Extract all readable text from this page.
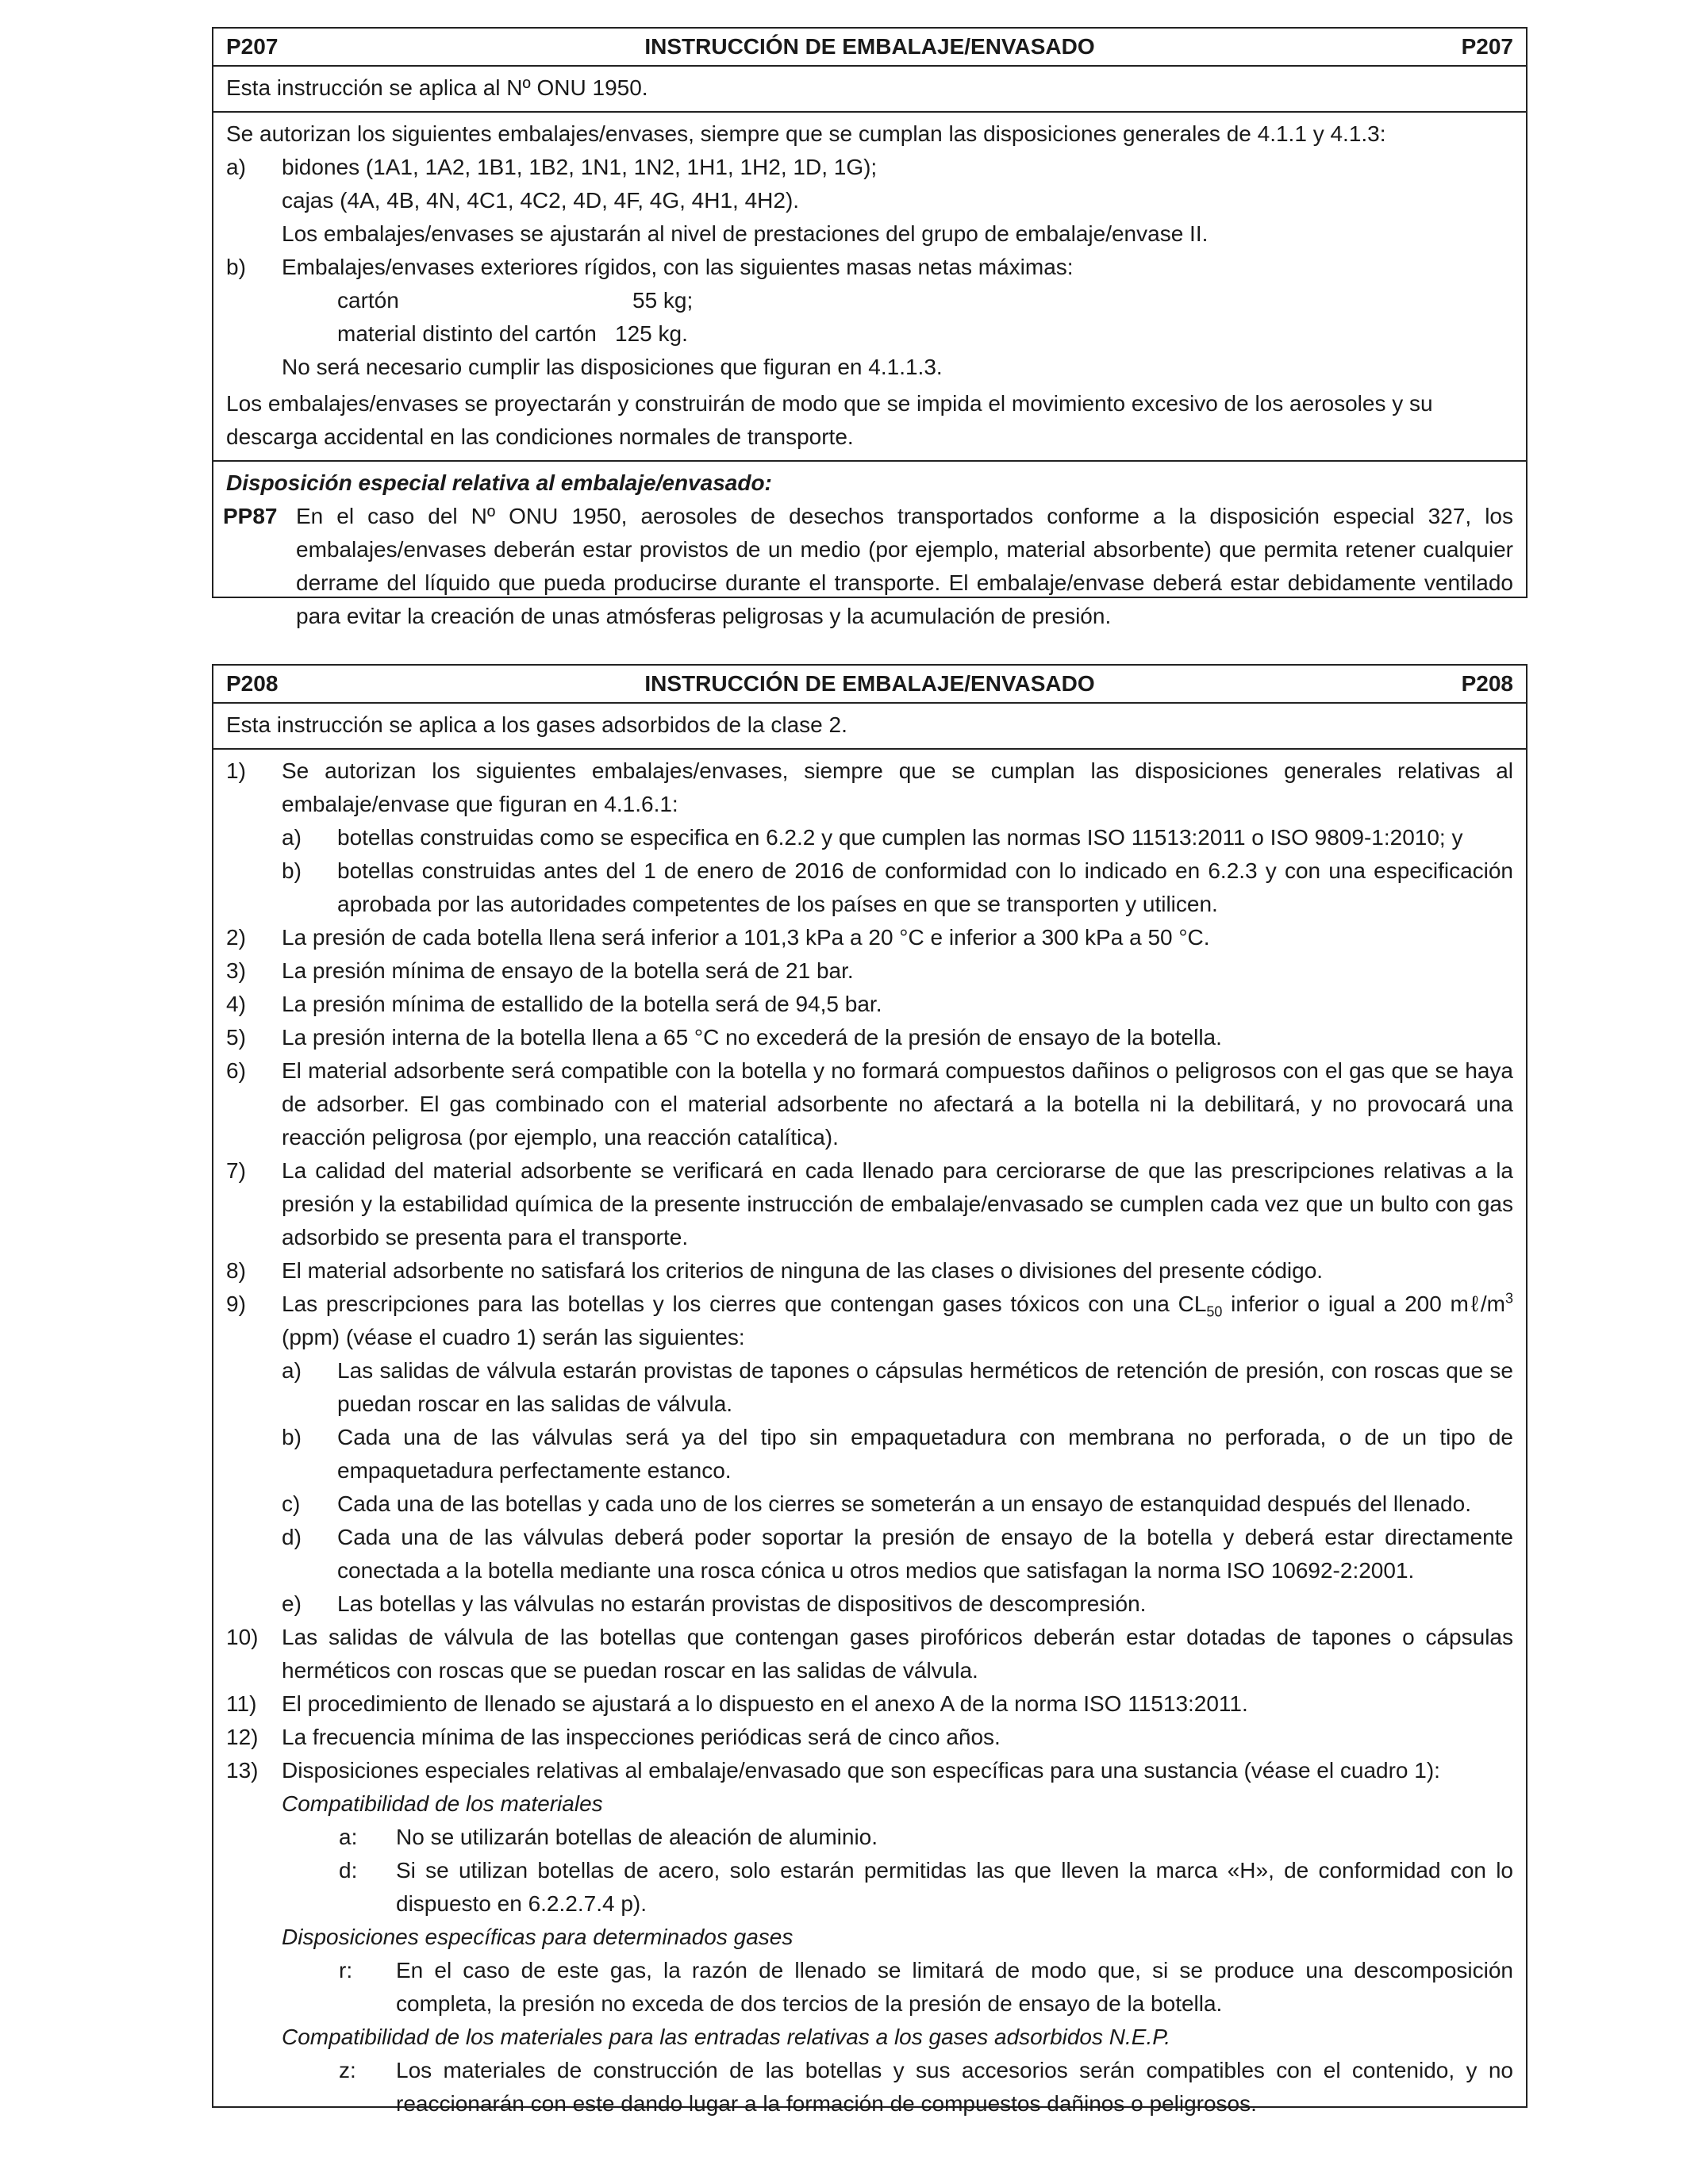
P207	INSTRUCCIÓN DE EMBALAJE/ENVASADO	P207

Esta instrucción se aplica al Nº ONU 1950.

Se autorizan los siguientes embalajes/envases, siempre que se cumplan las disposiciones generales de 4.1.1 y 4.1.3:

a)	bidones (1A1, 1A2, 1B1, 1B2, 1N1, 1N2, 1H1, 1H2, 1D, 1G);

cajas (4A, 4B, 4N, 4C1, 4C2, 4D, 4F, 4G, 4H1, 4H2).

Los embalajes/envases se ajustarán al nivel de prestaciones del grupo de embalaje/envase II.

b)	Embalajes/envases exteriores rígidos, con las siguientes masas netas máximas:

cartón	55 kg;
material distinto del cartón 125 kg.

No será necesario cumplir las disposiciones que figuran en 4.1.1.3.

Los embalajes/envases se proyectarán y construirán de modo que se impida el movimiento excesivo de los aerosoles y su descarga accidental en las condiciones normales de transporte.

Disposición especial relativa al embalaje/envasado:

PP87 En el caso del Nº ONU 1950, aerosoles de desechos transportados conforme a la disposición especial 327, los embalajes/envases deberán estar provistos de un medio (por ejemplo, material absorbente) que permita retener cualquier derrame del líquido que pueda producirse durante el transporte. El embalaje/envase deberá estar debidamente ventilado para evitar la creación de unas atmósferas peligrosas y la acumulación de presión.

P208	INSTRUCCIÓN DE EMBALAJE/ENVASADO	P208

Esta instrucción se aplica a los gases adsorbidos de la clase 2.

1)	Se autorizan los siguientes embalajes/envases, siempre que se cumplan las disposiciones generales relativas al embalaje/envase que figuran en 4.1.6.1:

a)	botellas construidas como se especifica en 6.2.2 y que cumplen las normas ISO 11513:2011 o ISO 9809-1:2010; y

b)	botellas construidas antes del 1 de enero de 2016 de conformidad con lo indicado en 6.2.3 y con una especificación aprobada por las autoridades competentes de los países en que se transporten y utilicen.

2)	La presión de cada botella llena será inferior a 101,3 kPa a 20 °C e inferior a 300 kPa a 50 °C.

3)	La presión mínima de ensayo de la botella será de 21 bar.

4)	La presión mínima de estallido de la botella será de 94,5 bar.

5)	La presión interna de la botella llena a 65 °C no excederá de la presión de ensayo de la botella.

6)	El material adsorbente será compatible con la botella y no formará compuestos dañinos o peligrosos con el gas que se haya de adsorber. El gas combinado con el material adsorbente no afectará a la botella ni la debilitará, y no provocará una reacción peligrosa (por ejemplo, una reacción catalítica).

7)	La calidad del material adsorbente se verificará en cada llenado para cerciorarse de que las prescripciones relativas a la presión y la estabilidad química de la presente instrucción de embalaje/envasado se cumplen cada vez que un bulto con gas adsorbido se presenta para el transporte.

8)	El material adsorbente no satisfará los criterios de ninguna de las clases o divisiones del presente código.

9)	Las prescripciones para las botellas y los cierres que contengan gases tóxicos con una $CL_{50}$ inferior o igual a 200 $m\ell/m^3$ (ppm) (véase el cuadro 1) serán las siguientes:

a)	Las salidas de válvula estarán provistas de tapones o cápsulas herméticos de retención de presión, con roscas que se puedan roscar en las salidas de válvula.

b)	Cada una de las válvulas será ya del tipo sin empaquetadura con membrana no perforada, o de un tipo de empaquetadura perfectamente estanco.

c)	Cada una de las botellas y cada uno de los cierres se someterán a un ensayo de estanquidad después del llenado.

d)	Cada una de las válvulas deberá poder soportar la presión de ensayo de la botella y deberá estar directamente conectada a la botella mediante una rosca cónica u otros medios que satisfagan la norma ISO 10692-2:2001.

e)	Las botellas y las válvulas no estarán provistas de dispositivos de descompresión.

10)	Las salidas de válvula de las botellas que contengan gases pirofóricos deberán estar dotadas de tapones o cápsulas herméticos con roscas que se puedan roscar en las salidas de válvula.

11)	El procedimiento de llenado se ajustará a lo dispuesto en el anexo A de la norma ISO 11513:2011.

12)	La frecuencia mínima de las inspecciones periódicas será de cinco años.

13)	Disposiciones especiales relativas al embalaje/envasado que son específicas para una sustancia (véase el cuadro 1):

Compatibilidad de los materiales

a:	No se utilizarán botellas de aleación de aluminio.

d:	Si se utilizan botellas de acero, solo estarán permitidas las que lleven la marca «H», de conformidad con lo dispuesto en 6.2.2.7.4 p).

Disposiciones específicas para determinados gases

r:	En el caso de este gas, la razón de llenado se limitará de modo que, si se produce una descomposición completa, la presión no exceda de dos tercios de la presión de ensayo de la botella.

Compatibilidad de los materiales para las entradas relativas a los gases adsorbidos N.E.P.

z:	Los materiales de construcción de las botellas y sus accesorios serán compatibles con el contenido, y no reaccionarán con este dando lugar a la formación de compuestos dañinos o peligrosos.
